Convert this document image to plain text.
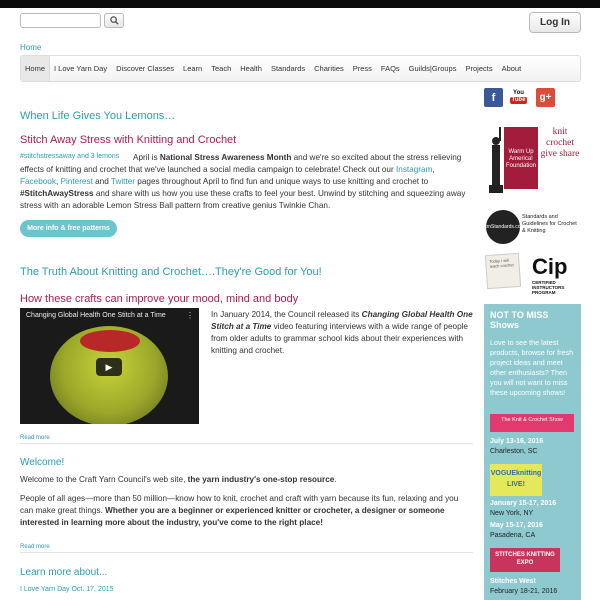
Log In
Home
Home	I Love Yarn Day	Discover Classes	Learn	Teach	Health	Standards	Charities	Press	FAQs	Guilds|Groups	Projects	About
When Life Gives You Lemons…
Stitch Away Stress with Knitting and Crochet
#stitchstressaway and 3 lemons	April is National Stress Awareness Month and we're so excited about the stress relieving effects of knitting and crochet that we've launched a social media campaign to celebrate! Check out our Instagram, Facebook, Pinterest and Twitter pages throughout April to find fun and unique ways to use knitting and crochet to #StitchAwayStress and share with us how you use these crafts to feel your best. Unwind by stitching and squeezing away stress with an adorable Lemon Stress Ball pattern from creative genius Twinkie Chan.
More info & free patterns
The Truth About Knitting and Crochet….They're Good for You!
How these crafts can improve your mood, mind and body
Changing Global Health One Stitch at a Time	⋮
▶
In January 2014, the Council released its Changing Global Health One Stitch at a Time video featuring interviews with a wide range of people from older adults to grammar school kids about their experiences with knitting and crochet.
Read more
Welcome!
Welcome to the Craft Yarn Council's web site, the yarn industry's one-stop resource.
People of all ages—more than 50 million—know how to knit, crochet and craft with yarn because its fun, relaxing and you can make great things. Whether you are a beginner or experienced knitter or crocheter, a designer or someone interested in learning more about the industry, you've come to the right place!
Read more
Learn more about...
I Love Yarn Day Oct. 17, 2015
f	You
Tube	g+
Warm Up America! Foundation
knit crochet give share
yarnStandards.com
Standards and Guidelines for Crochet & Knitting
Today I will teach crochet Cip
CERTIFIED INSTRUCTORS PROGRAM
NOT TO MISS Shows

Love to see the latest products, browse for fresh project ideas and meet other enthusiasts? Then you will not want to miss these upcoming shows!

The Knit & Crochet Show
July 13-16, 2016
Charleston, SC
VOGUEknitting LIVE!
January 15-17, 2016
New York, NY
May 15-17, 2016
Pasadena, CA
STITCHES KNITTING EXPO
Stitches West
February 18-21, 2016
